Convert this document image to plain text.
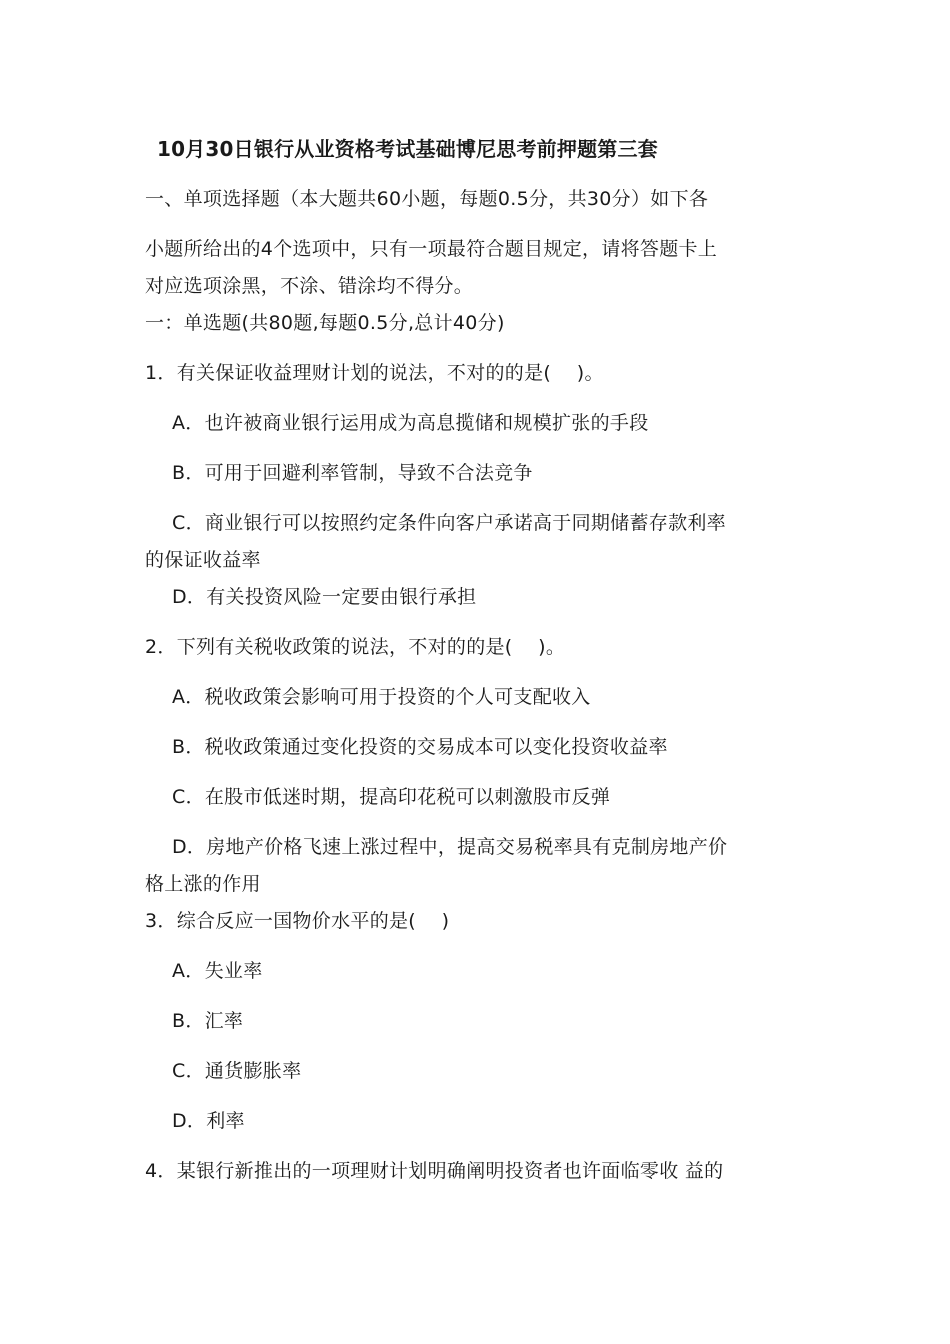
10月30日银行从业资格考试基础博尼思考前押题第三套
一、单项选择题（本大题共60小题，每题0.5分，共30分）如下各
小题所给出的4个选项中，只有一项最符合题目规定，请将答题卡上
对应选项涂黑，不涂、错涂均不得分。
一：单选题(共80题,每题0.5分,总计40分)
1．有关保证收益理财计划的说法，不对的的是(　 )。
A．也许被商业银行运用成为高息揽储和规模扩张的手段
B．可用于回避利率管制，导致不合法竞争
C．商业银行可以按照约定条件向客户承诺高于同期储蓄存款利率
的保证收益率
D．有关投资风险一定要由银行承担
2．下列有关税收政策的说法，不对的的是(　 )。
A．税收政策会影响可用于投资的个人可支配收入
B．税收政策通过变化投资的交易成本可以变化投资收益率
C．在股市低迷时期，提高印花税可以刺激股市反弹
D．房地产价格飞速上涨过程中，提高交易税率具有克制房地产价
格上涨的作用
3．综合反应一国物价水平的是(　 )
A．失业率
B．汇率
C．通货膨胀率
D．利率
4．某银行新推出的一项理财计划明确阐明投资者也许面临零收 益的
